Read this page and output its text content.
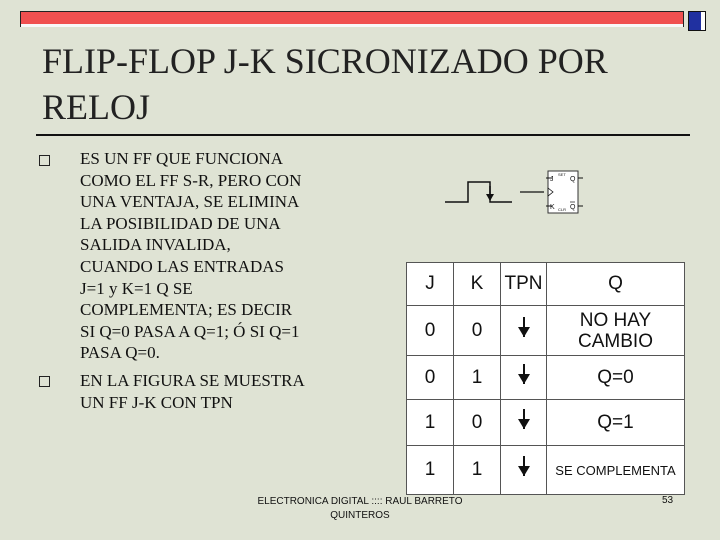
FLIP-FLOP J-K SICRONIZADO POR
RELOJ
ES UN FF QUE FUNCIONA
COMO EL FF S-R, PERO CON
UNA VENTAJA, SE ELIMINA
LA POSIBILIDAD DE UNA
SALIDA INVALIDA,
CUANDO LAS ENTRADAS
J=1 y K=1 Q SE
COMPLEMENTA; ES DECIR
SI Q=0 PASA A Q=1; Ó SI Q=1
PASA Q=0.
EN LA FIGURA SE MUESTRA
UN FF J-K CON TPN
J
K
Q
Q
SET
CLR
J	K	TPN	Q
0	0		NO HAY
CAMBIO
0	1		Q=0
1	0		Q=1
1	1		SE COMPLEMENTA
ELECTRONICA DIGITAL :::: RAUL BARRETO
QUINTEROS
53
